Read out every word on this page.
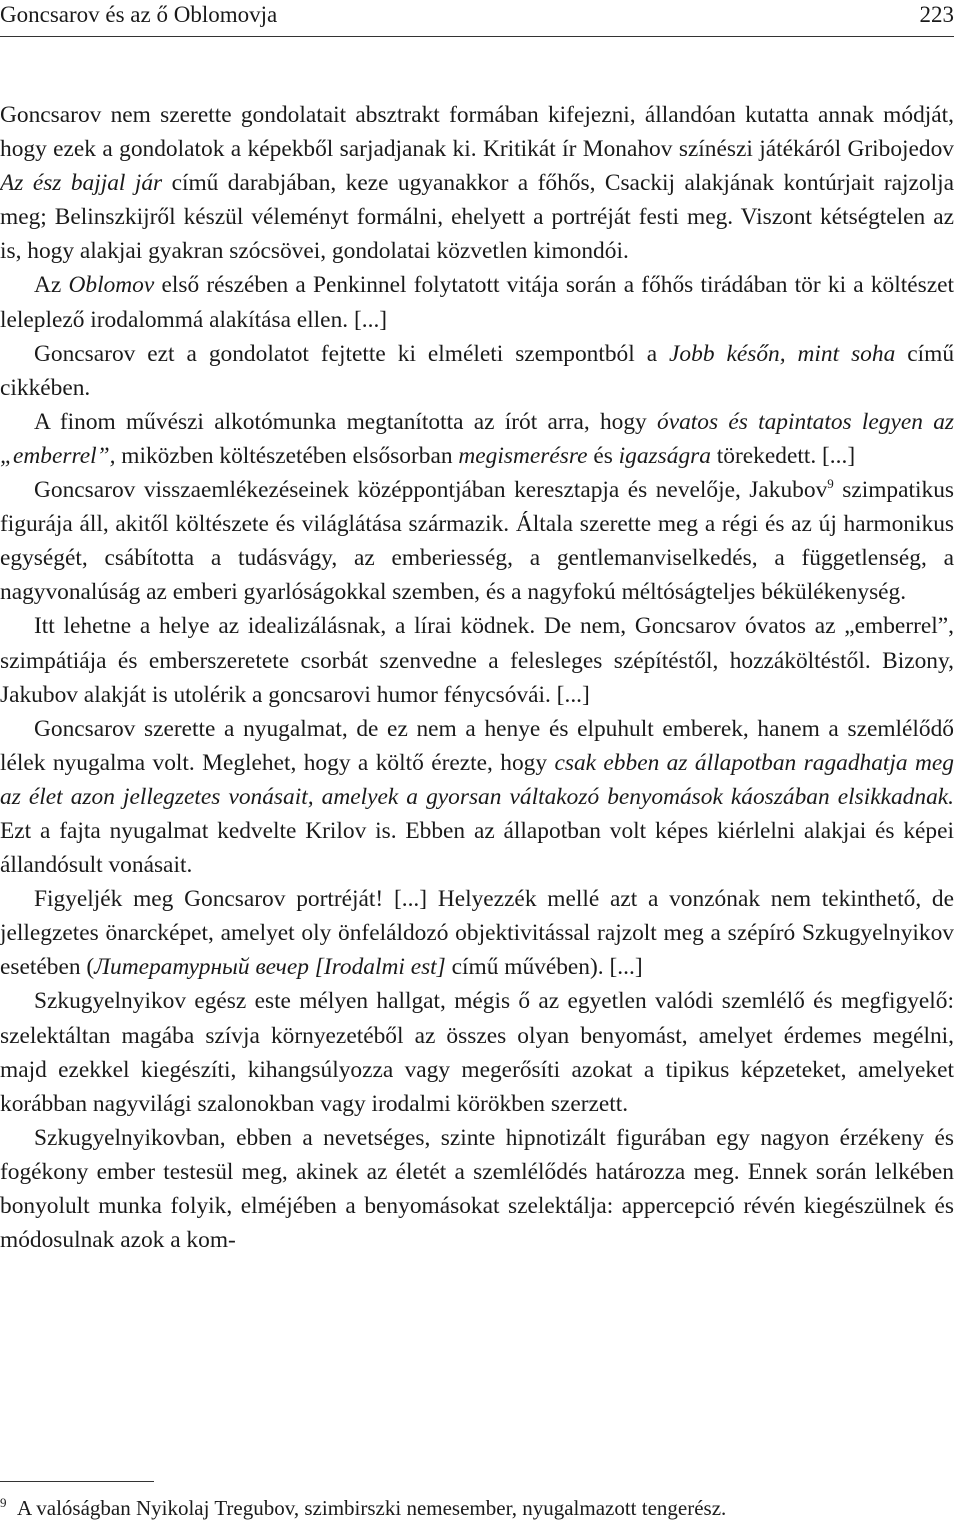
Goncsarov és az ő Oblomovja	223

Goncsarov nem szerette gondolatait absztrakt formában kifejezni, állandóan kutatta annak módját, hogy ezek a gondolatok a képekből sarjadjanak ki. Kritikát ír Monahov színészi játékáról Gribojedov Az ész bajjal jár című darabjában, keze ugyanakkor a főhős, Csackij alakjának kontúrjait rajzolja meg; Belinszkijről készül véleményt formálni, ehelyett a portréját festi meg. Viszont kétségtelen az is, hogy alakjai gyakran szócsövei, gondolatai közvetlen kimondói.

Az Oblomov első részében a Penkinnel folytatott vitája során a főhős tirádában tör ki a költészet leleplező irodalommá alakítása ellen. [...]

Goncsarov ezt a gondolatot fejtette ki elméleti szempontból a Jobb későn, mint soha című cikkében.

A finom művészi alkotómunka megtanította az írót arra, hogy óvatos és tapintatos legyen az „emberrel”, miközben költészetében elsősorban megismerésre és igazságra törekedett. [...]

Goncsarov visszaemlékezéseinek középpontjában keresztapja és nevelője, Jakubov$^9$ szimpatikus figurája áll, akitől költészete és világlátása származik. Általa szerette meg a régi és az új harmonikus egységét, csábította a tudásvágy, az emberiesség, a gentlemanviselkedés, a függetlenség, a nagyvonalúság az emberi gyarlóságokkal szemben, és a nagyfokú méltóságteljes békülékenység.

Itt lehetne a helye az idealizálásnak, a lírai ködnek. De nem, Goncsarov óvatos az „emberrel”, szimpátiája és emberszeretete csorbát szenvedne a felesleges szépítéstől, hozzáköltéstől. Bizony, Jakubov alakját is utolérik a goncsarovi humor fénycsóvái. [...]

Goncsarov szerette a nyugalmat, de ez nem a henye és elpuhult emberek, hanem a szemlélődő lélek nyugalma volt. Meglehet, hogy a költő érezte, hogy csak ebben az állapotban ragadhatja meg az élet azon jellegzetes vonásait, amelyek a gyorsan váltakozó benyomások káoszában elsikkadnak. Ezt a fajta nyugalmat kedvelte Krilov is. Ebben az állapotban volt képes kiérlelni alakjai és képei állandósult vonásait.

Figyeljék meg Goncsarov portréját! [...] Helyezzék mellé azt a vonzónak nem tekinthető, de jellegzetes önarcképet, amelyet oly önfeláldozó objektivitással rajzolt meg a szépíró Szkugyelnyikov esetében (Литературный вечер [Irodalmi est] című művében). [...]

Szkugyelnyikov egész este mélyen hallgat, mégis ő az egyetlen valódi szemlélő és megfigyelő: szelektáltan magába szívja környezetéből az összes olyan benyomást, amelyet érdemes megélni, majd ezekkel kiegészíti, kihangsúlyozza vagy megerősíti azokat a tipikus képzeteket, amelyeket korábban nagyvilági szalonokban vagy irodalmi körökben szerzett.

Szkugyelnyikovban, ebben a nevetséges, szinte hipnotizált figurában egy nagyon érzékeny és fogékony ember testesül meg, akinek az életét a szemlélődés határozza meg. Ennek során lelkében bonyolult munka folyik, elméjében a benyomásokat szelektálja: appercepció révén kiegészülnek és módosulnak azok a kom-

$^9$  A valóságban Nyikolaj Tregubov, szimbirszki nemesember, nyugalmazott tengerész.
